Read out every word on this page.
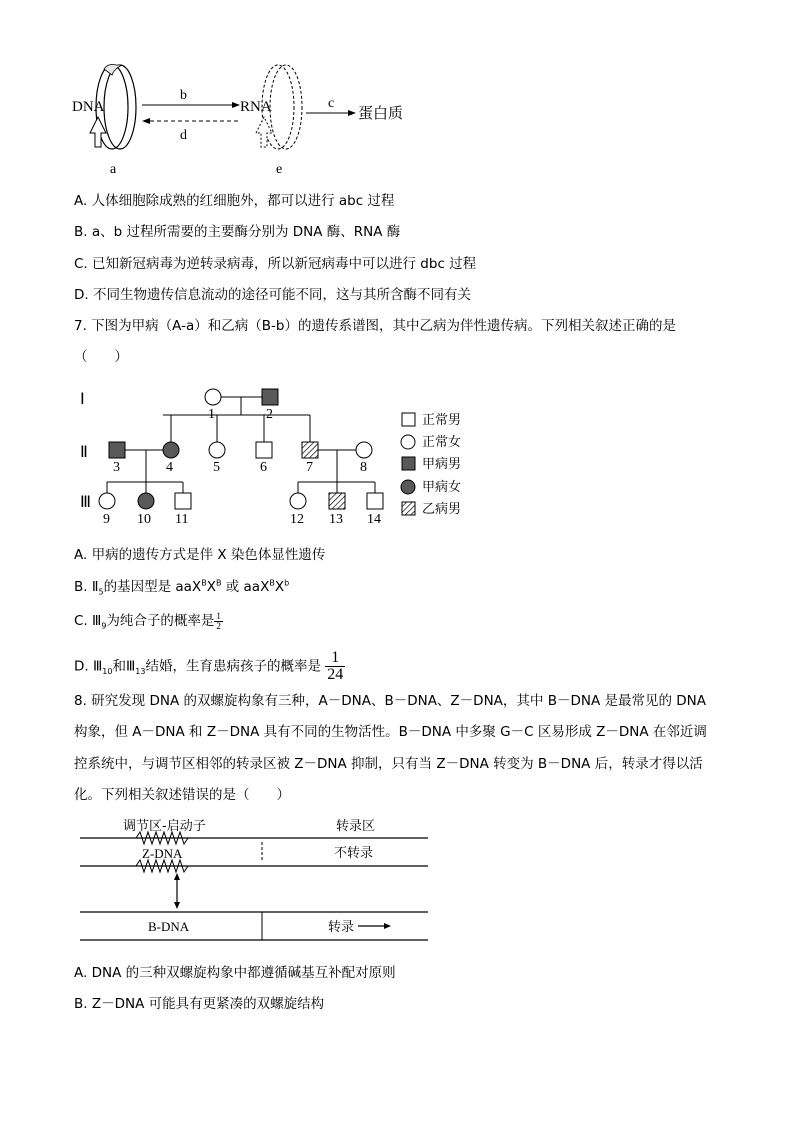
DNA
b
d
RNA	c
蛋白质
a	e
A. 人体细胞除成熟的红细胞外，都可以进行 abc 过程
B. a、b 过程所需要的主要酶分别为 DNA 酶、RNA 酶
C. 已知新冠病毒为逆转录病毒，所以新冠病毒中可以进行 dbc 过程
D. 不同生物遗传信息流动的途径可能不同，这与其所含酶不同有关
7. 下图为甲病（A-a）和乙病（B-b）的遗传系谱图，其中乙病为伴性遗传病。下列相关叙述正确的是
（　　）
Ⅰ
Ⅱ
Ⅲ
1	2
3	4	5	6	7	8
9 10 11	12 13 14
正常男
正常女
甲病男
甲病女
乙病男
A. 甲病的遗传方式是伴 X 染色体显性遗传
B. $Ⅱ_5$的基因型是 $aaX^BX^B$ 或 $aaX^BX^b$
C. $Ⅲ_9$为纯合子的概率是 $\frac{1}{2}$
D. $Ⅲ_{10}$和$Ⅲ_{13}$结婚，生育患病孩子的概率是 $\frac{1}{24}$
8. 研究发现 DNA 的双螺旋构象有三种，A－DNA、B－DNA、Z－DNA，其中 B－DNA 是最常见的 DNA
构象，但 A－DNA 和 Z－DNA 具有不同的生物活性。B－DNA 中多聚 G－C 区易形成 Z－DNA 在邻近调
控系统中，与调节区相邻的转录区被 Z－DNA 抑制，只有当 Z－DNA 转变为 B－DNA 后，转录才得以活
化。下列相关叙述错误的是（　　）
调节区-启动子	转录区
Z-DNA	不转录
B-DNA	转录
A. DNA 的三种双螺旋构象中都遵循碱基互补配对原则
B. Z－DNA 可能具有更紧凑的双螺旋结构
